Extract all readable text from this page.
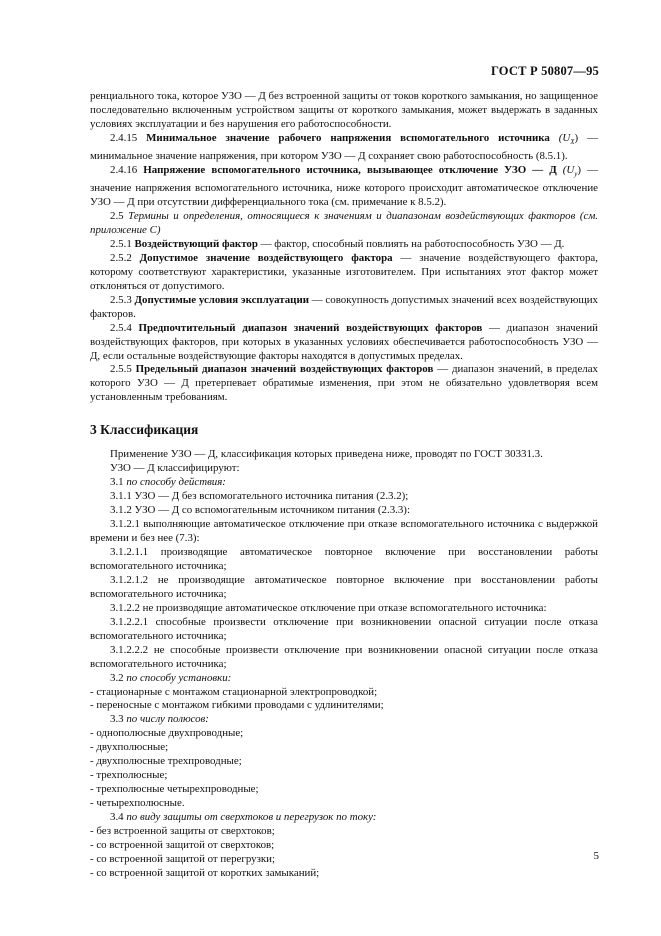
ГОСТ Р 50807—95

ренциального тока, которое УЗО — Д без встроенной защиты от токов короткого замыкания, но защищенное последовательно включенным устройством защиты от короткого замыкания, может выдержать в заданных условиях эксплуатации и без нарушения его работоспособности.

2.4.15 Минимальное значение рабочего напряжения вспомогательного источника $(U_X)$ — минимальное значение напряжения, при котором УЗО — Д сохраняет свою работоспособность (8.5.1).

2.4.16 Напряжение вспомогательного источника, вызывающее отключение УЗО — Д $(U_y)$ — значение напряжения вспомогательного источника, ниже которого происходит автоматическое отключение УЗО — Д при отсутствии дифференциального тока (см. примечание к 8.5.2).

2.5 Термины и определения, относящиеся к значениям и диапазонам воздействующих факторов (см. приложение С)

2.5.1 Воздействующий фактор — фактор, способный повлиять на работоспособность УЗО — Д.

2.5.2 Допустимое значение воздействующего фактора — значение воздействующего фактора, которому соответствуют характеристики, указанные изготовителем. При испытаниях этот фактор может отклоняться от допустимого.

2.5.3 Допустимые условия эксплуатации — совокупность допустимых значений всех воздействующих факторов.

2.5.4 Предпочтительный диапазон значений воздействующих факторов — диапазон значений воздействующих факторов, при которых в указанных условиях обеспечивается работоспособность УЗО — Д, если остальные воздействующие факторы находятся в допустимых пределах.

2.5.5 Предельный диапазон значений воздействующих факторов — диапазон значений, в пределах которого УЗО — Д претерпевает обратимые изменения, при этом не обязательно удовлетворяя всем установленным требованиям.

3 Классификация

Применение УЗО — Д, классификация которых приведена ниже, проводят по ГОСТ 30331.3.

УЗО — Д классифицируют:

3.1 по способу действия:

3.1.1 УЗО — Д без вспомогательного источника питания (2.3.2);

3.1.2 УЗО — Д со вспомогательным источником питания (2.3.3):

3.1.2.1 выполняющие автоматическое отключение при отказе вспомогательного источника с выдержкой времени и без нее (7.3):

3.1.2.1.1 производящие автоматическое повторное включение при восстановлении работы вспомогательного источника;

3.1.2.1.2 не производящие автоматическое повторное включение при восстановлении работы вспомогательного источника;

3.1.2.2 не производящие автоматическое отключение при отказе вспомогательного источника:

3.1.2.2.1 способные произвести отключение при возникновении опасной ситуации после отказа вспомогательного источника;

3.1.2.2.2 не способные произвести отключение при возникновении опасной ситуации после отказа вспомогательного источника;

3.2 по способу установки:

- стационарные с монтажом стационарной электропроводкой;

- переносные с монтажом гибкими проводами с удлинителями;

3.3 по числу полюсов:

- однополюсные двухпроводные;

- двухполюсные;

- двухполюсные трехпроводные;

- трехполюсные;

- трехполюсные четырехпроводные;

- четырехполюсные.

3.4 по виду защиты от сверхтоков и перегрузок по току:

- без встроенной защиты от сверхтоков;

- со встроенной защитой от сверхтоков;

- со встроенной защитой от перегрузки;

- со встроенной защитой от коротких замыканий;

5
